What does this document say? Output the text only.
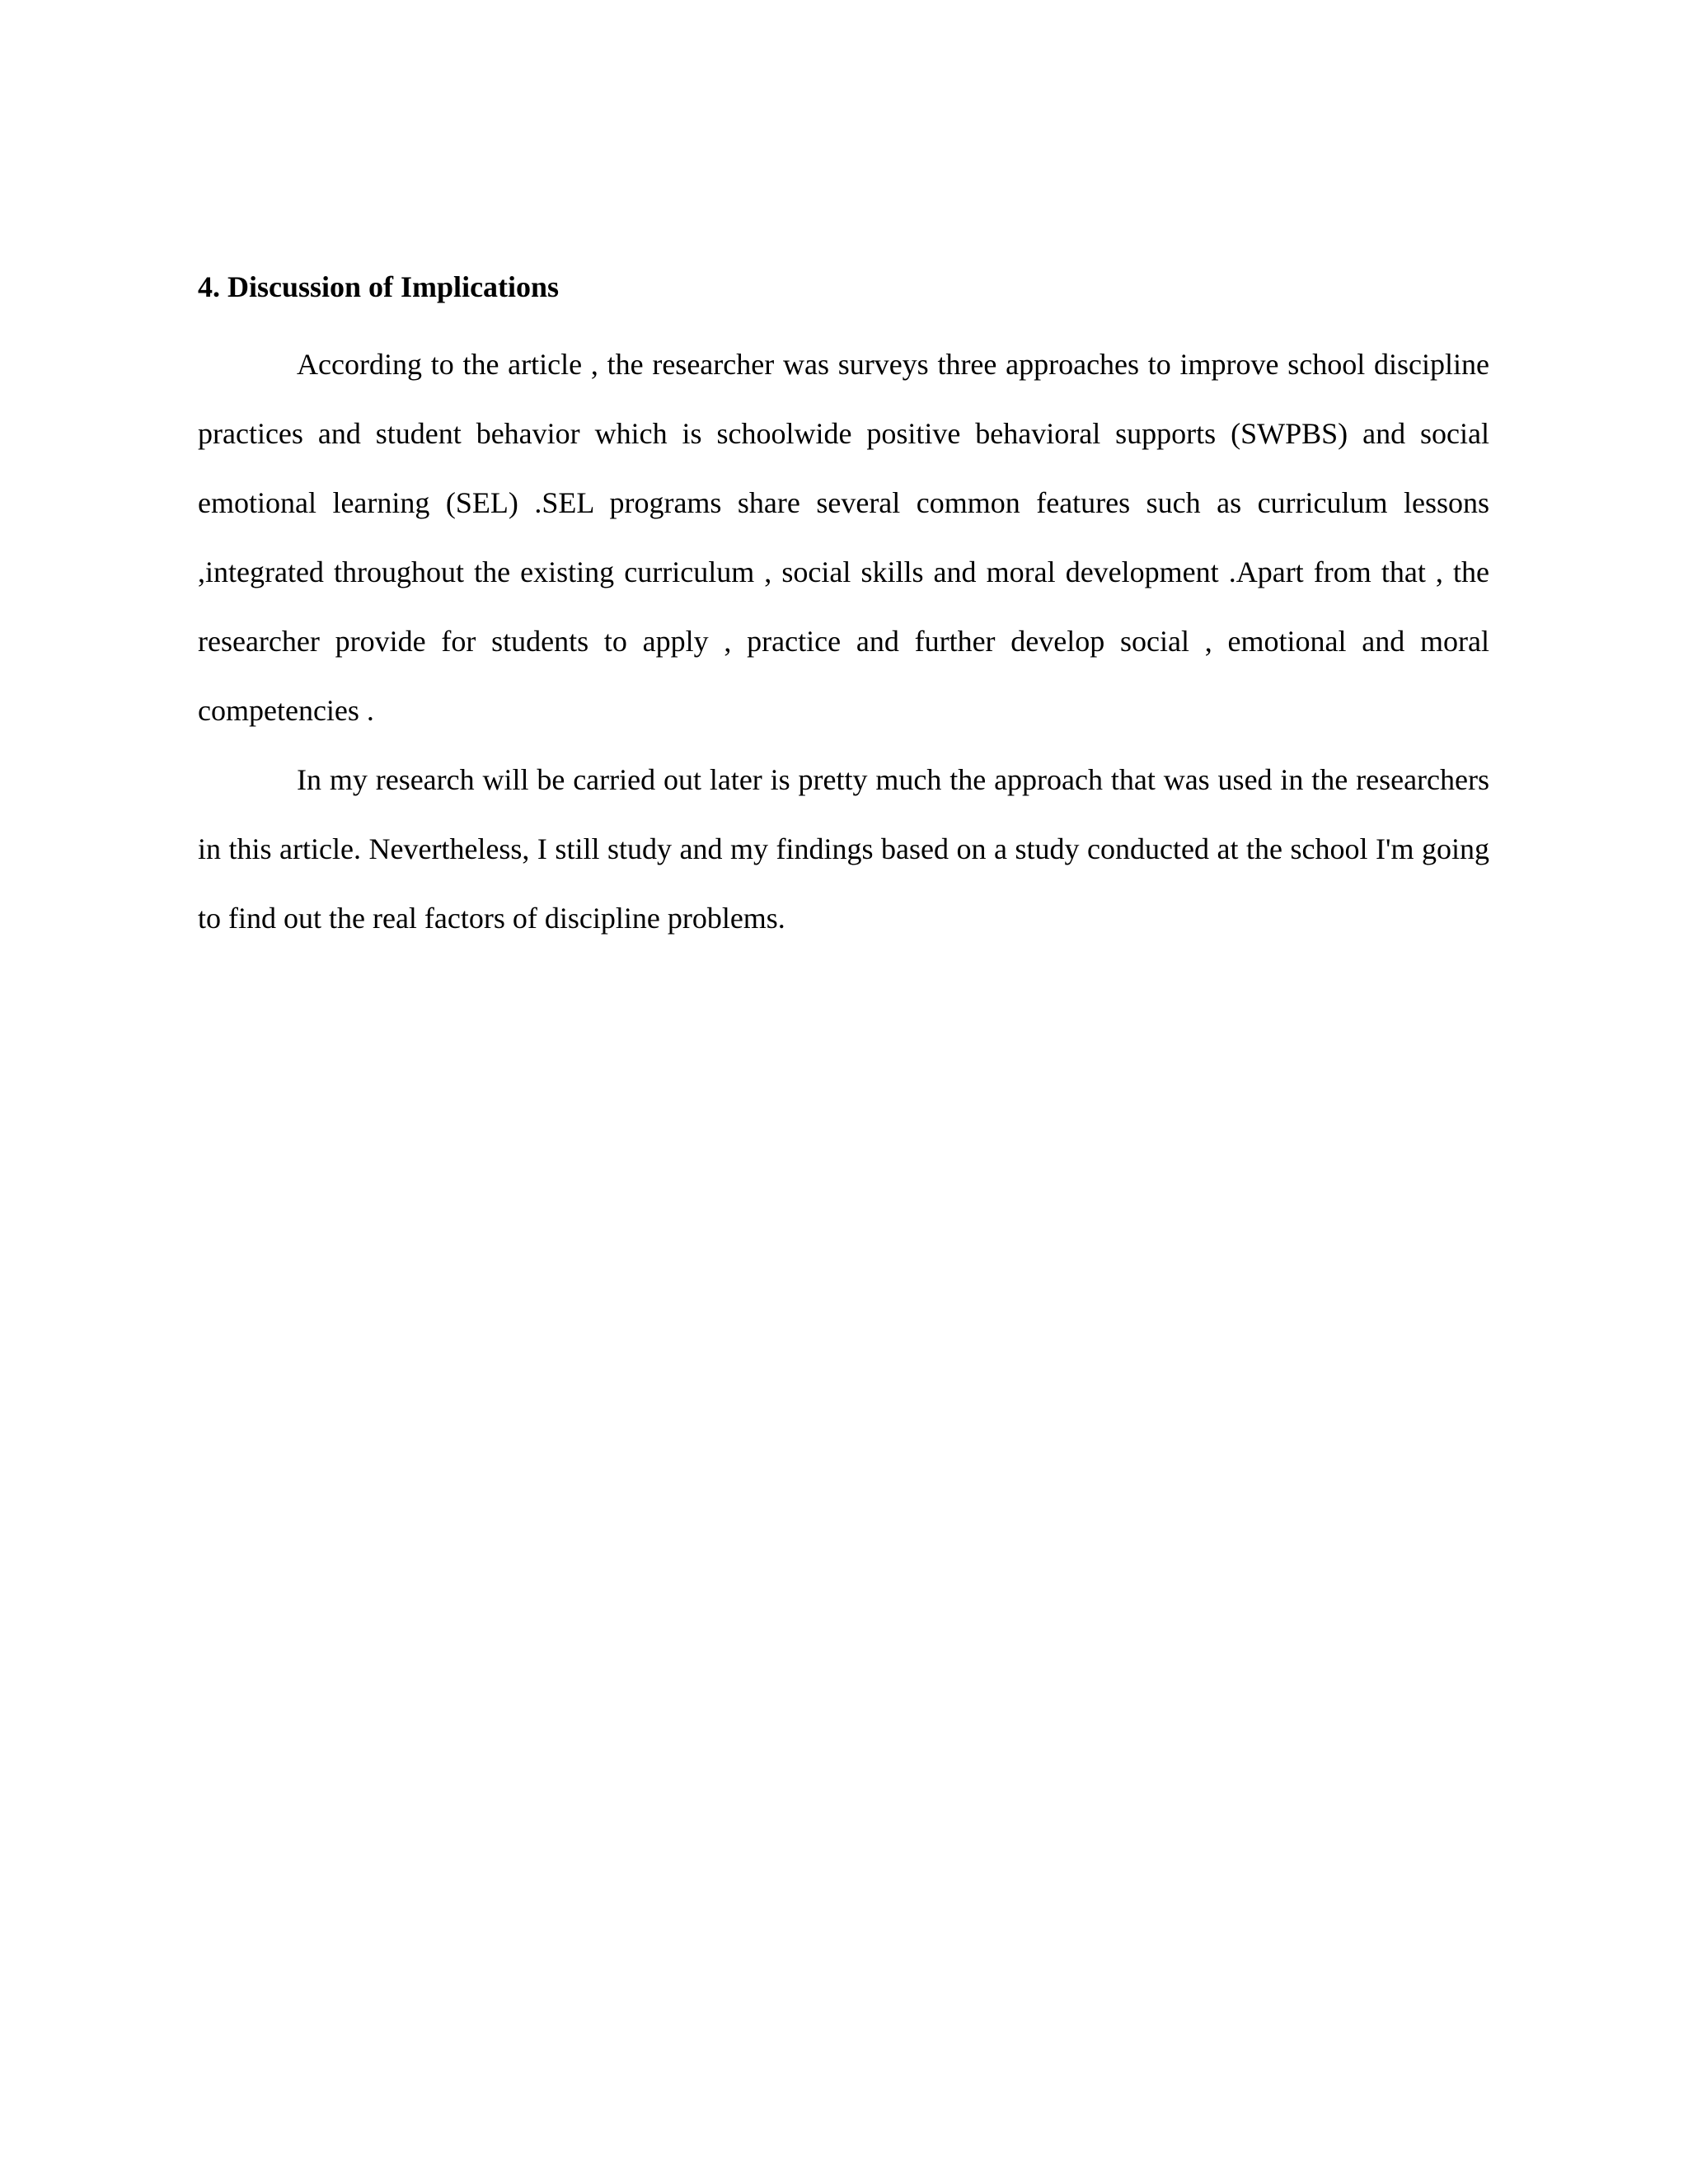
4. Discussion of Implications

According to the article , the researcher was surveys three approaches to improve school discipline practices and student behavior which is schoolwide positive behavioral supports (SWPBS) and social emotional learning (SEL) .SEL programs share several common features such as curriculum lessons ,integrated throughout the existing curriculum , social skills and moral development .Apart from that , the researcher provide for students to apply , practice and further develop social , emotional and moral competencies .

In my research will be carried out later is pretty much the approach that was used in the researchers in this article. Nevertheless, I still study and my findings based on a study conducted at the school I'm going to find out the real factors of discipline problems.
